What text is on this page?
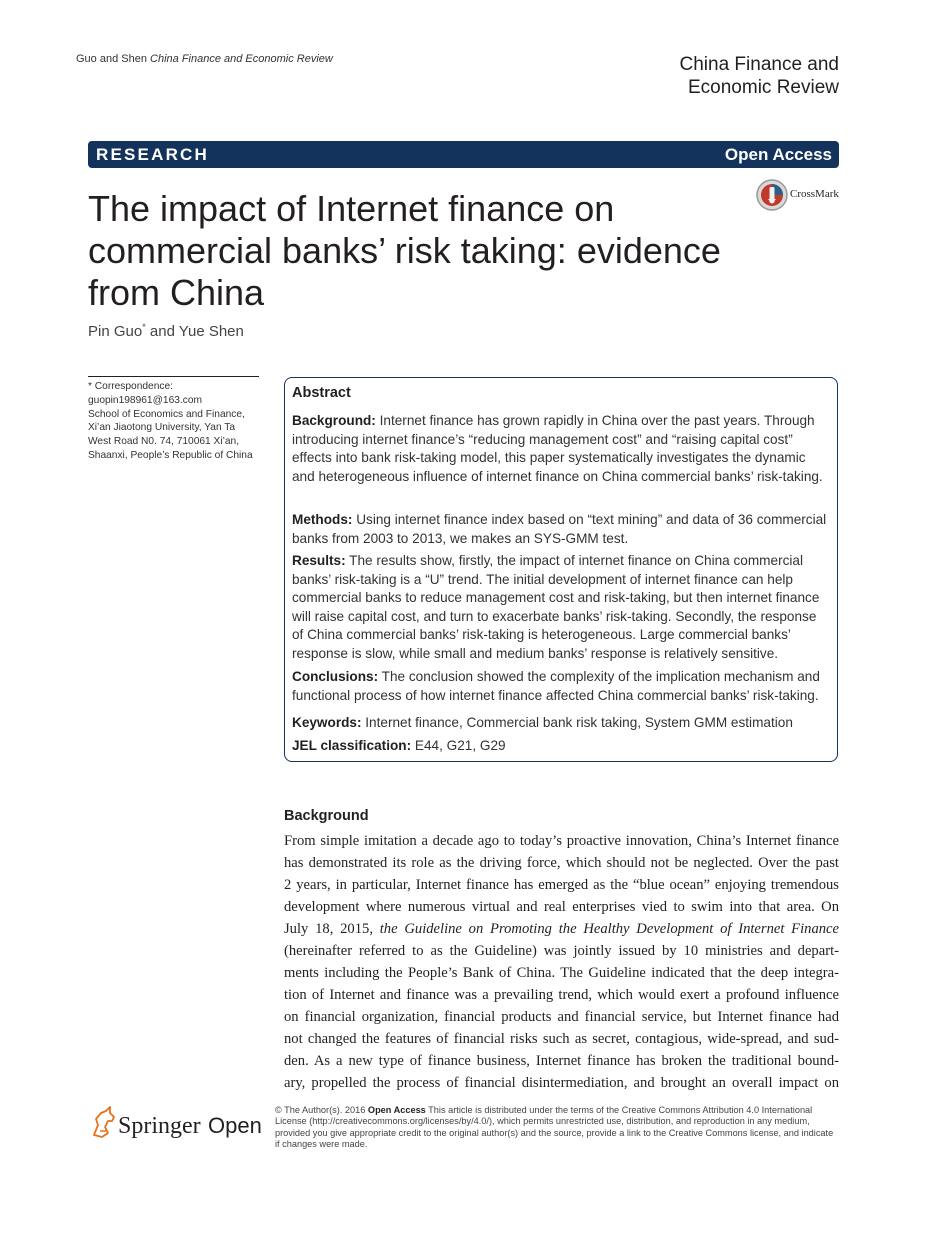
Guo and Shen China Finance and Economic Review	China Finance and
Economic Review
RESEARCH	Open Access
The impact of Internet finance on
commercial banks’ risk taking: evidence
from China
CrossMark
Pin Guo* and Yue Shen
* Correspondence:
guopin198961@163.com
School of Economics and Finance,
Xi’an Jiaotong University, Yan Ta
West Road N0. 74, 710061 Xi’an,
Shaanxi, People’s Republic of China
Abstract
Background: Internet finance has grown rapidly in China over the past years. Through introducing internet finance’s “reducing management cost” and “raising capital cost” effects into bank risk-taking model, this paper systematically investigates the dynamic and heterogeneous influence of internet finance on China commercial banks’ risk-taking.
Methods: Using internet finance index based on “text mining” and data of 36 commercial banks from 2003 to 2013, we makes an SYS-GMM test.
Results: The results show, firstly, the impact of internet finance on China commercial banks’ risk-taking is a “U” trend. The initial development of internet finance can help commercial banks to reduce management cost and risk-taking, but then internet finance will raise capital cost, and turn to exacerbate banks’ risk-taking. Secondly, the response of China commercial banks’ risk-taking is heterogeneous. Large commercial banks’ response is slow, while small and medium banks’ response is relatively sensitive.
Conclusions: The conclusion showed the complexity of the implication mechanism and functional process of how internet finance affected China commercial banks’ risk-taking.
Keywords: Internet finance, Commercial bank risk taking, System GMM estimation
JEL classification: E44, G21, G29
Background
From simple imitation a decade ago to today’s proactive innovation, China’s Internet finance
has demonstrated its role as the driving force, which should not be neglected. Over the past
2 years, in particular, Internet finance has emerged as the “blue ocean” enjoying tremendous
development where numerous virtual and real enterprises vied to swim into that area. On
July 18, 2015, the Guideline on Promoting the Healthy Development of Internet Finance
(hereinafter referred to as the Guideline) was jointly issued by 10 ministries and depart-
ments including the People’s Bank of China. The Guideline indicated that the deep integra-
tion of Internet and finance was a prevailing trend, which would exert a profound influence
on financial organization, financial products and financial service, but Internet finance had
not changed the features of financial risks such as secret, contagious, wide-spread, and sud-
den. As a new type of finance business, Internet finance has broken the traditional bound-
ary, propelled the process of financial disintermediation, and brought an overall impact on
Springer Open
© The Author(s). 2016 Open Access This article is distributed under the terms of the Creative Commons Attribution 4.0 International License (http://creativecommons.org/licenses/by/4.0/), which permits unrestricted use, distribution, and reproduction in any medium, provided you give appropriate credit to the original author(s) and the source, provide a link to the Creative Commons license, and indicate if changes were made.
